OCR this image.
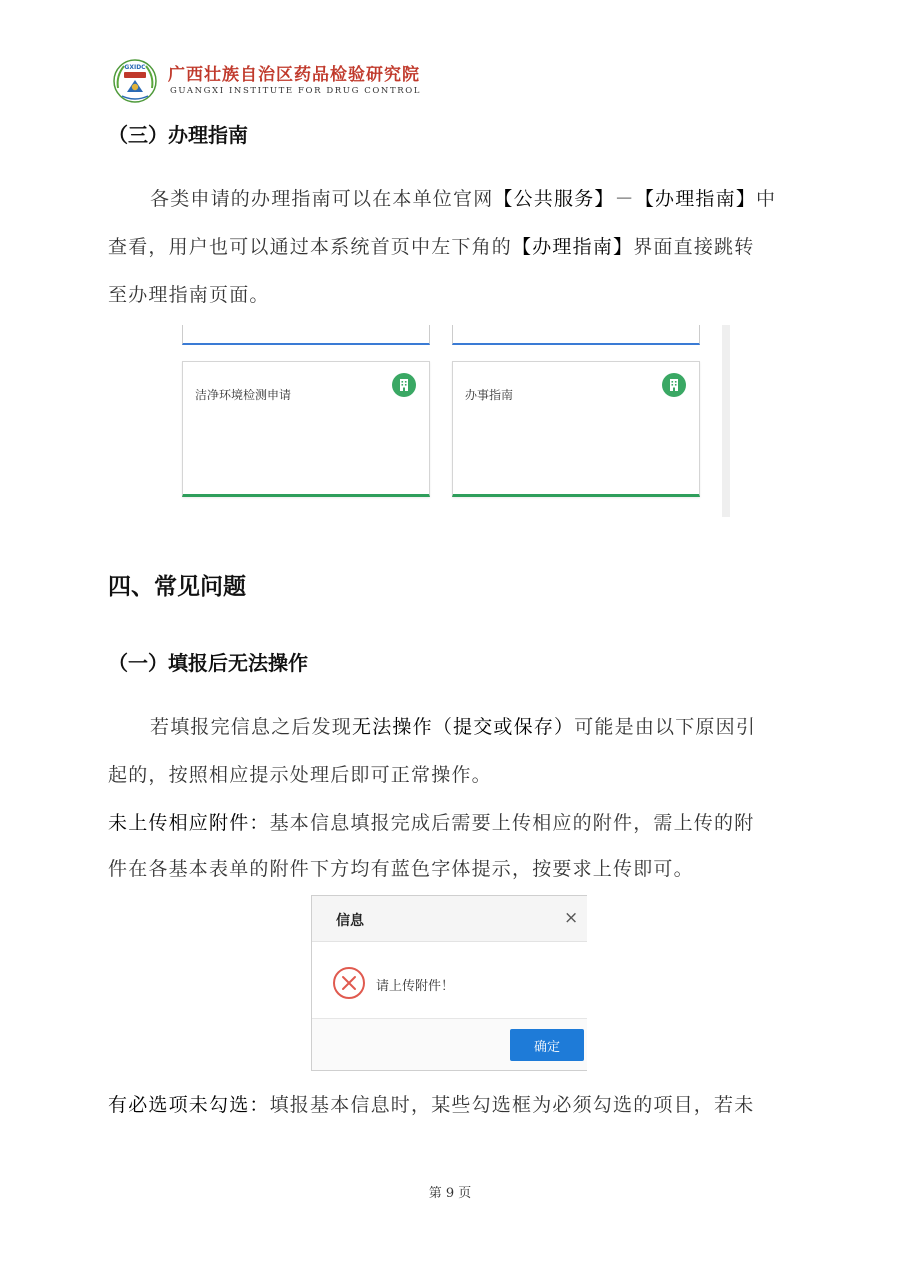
GXIDC 广西壮族自治区药品检验研究院
GUANGXI INSTITUTE FOR DRUG CONTROL
（三）办理指南
各类申请的办理指南可以在本单位官网【公共服务】－【办理指南】中
查看，用户也可以通过本系统首页中左下角的【办理指南】界面直接跳转
至办理指南页面。
洁净环境检测申请	办事指南
四、常见问题
（一）填报后无法操作
若填报完信息之后发现无法操作（提交或保存）可能是由以下原因引
起的，按照相应提示处理后即可正常操作。
未上传相应附件：基本信息填报完成后需要上传相应的附件，需上传的附
件在各基本表单的附件下方均有蓝色字体提示，按要求上传即可。
信息	×
请上传附件！
确定
有必选项未勾选：填报基本信息时，某些勾选框为必须勾选的项目，若未
第 9 页
